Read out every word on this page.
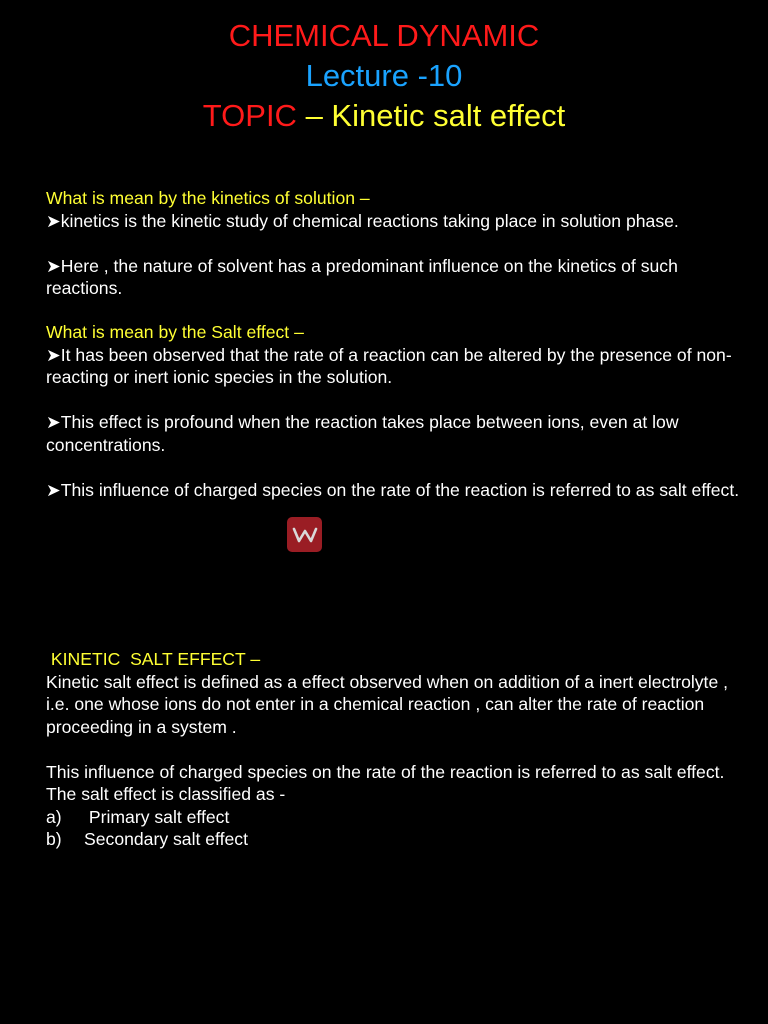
CHEMICAL DYNAMIC
Lecture -10
TOPIC – Kinetic salt effect

What is mean by the kinetics of solution –

➤kinetics is the kinetic study of chemical reactions taking place in solution phase.

➤Here , the nature of solvent has a predominant influence on the kinetics of such reactions.

What is mean by the Salt effect –

➤It has been observed that the rate of a reaction can be altered by the presence of non-reacting or inert ionic species in the solution.

➤This effect is profound when the reaction takes place between ions, even at low concentrations.

➤This influence of charged species on the rate of the reaction is referred to as salt effect.

KINETIC  SALT EFFECT –

Kinetic salt effect is defined as a effect observed when on addition of a inert electrolyte , i.e. one whose ions do not enter in a chemical reaction , can alter the rate of reaction proceeding in a system .

This influence of charged species on the rate of the reaction is referred to as salt effect. The salt effect is classified as -

a)	Primary salt effect
b)	Secondary salt effect
